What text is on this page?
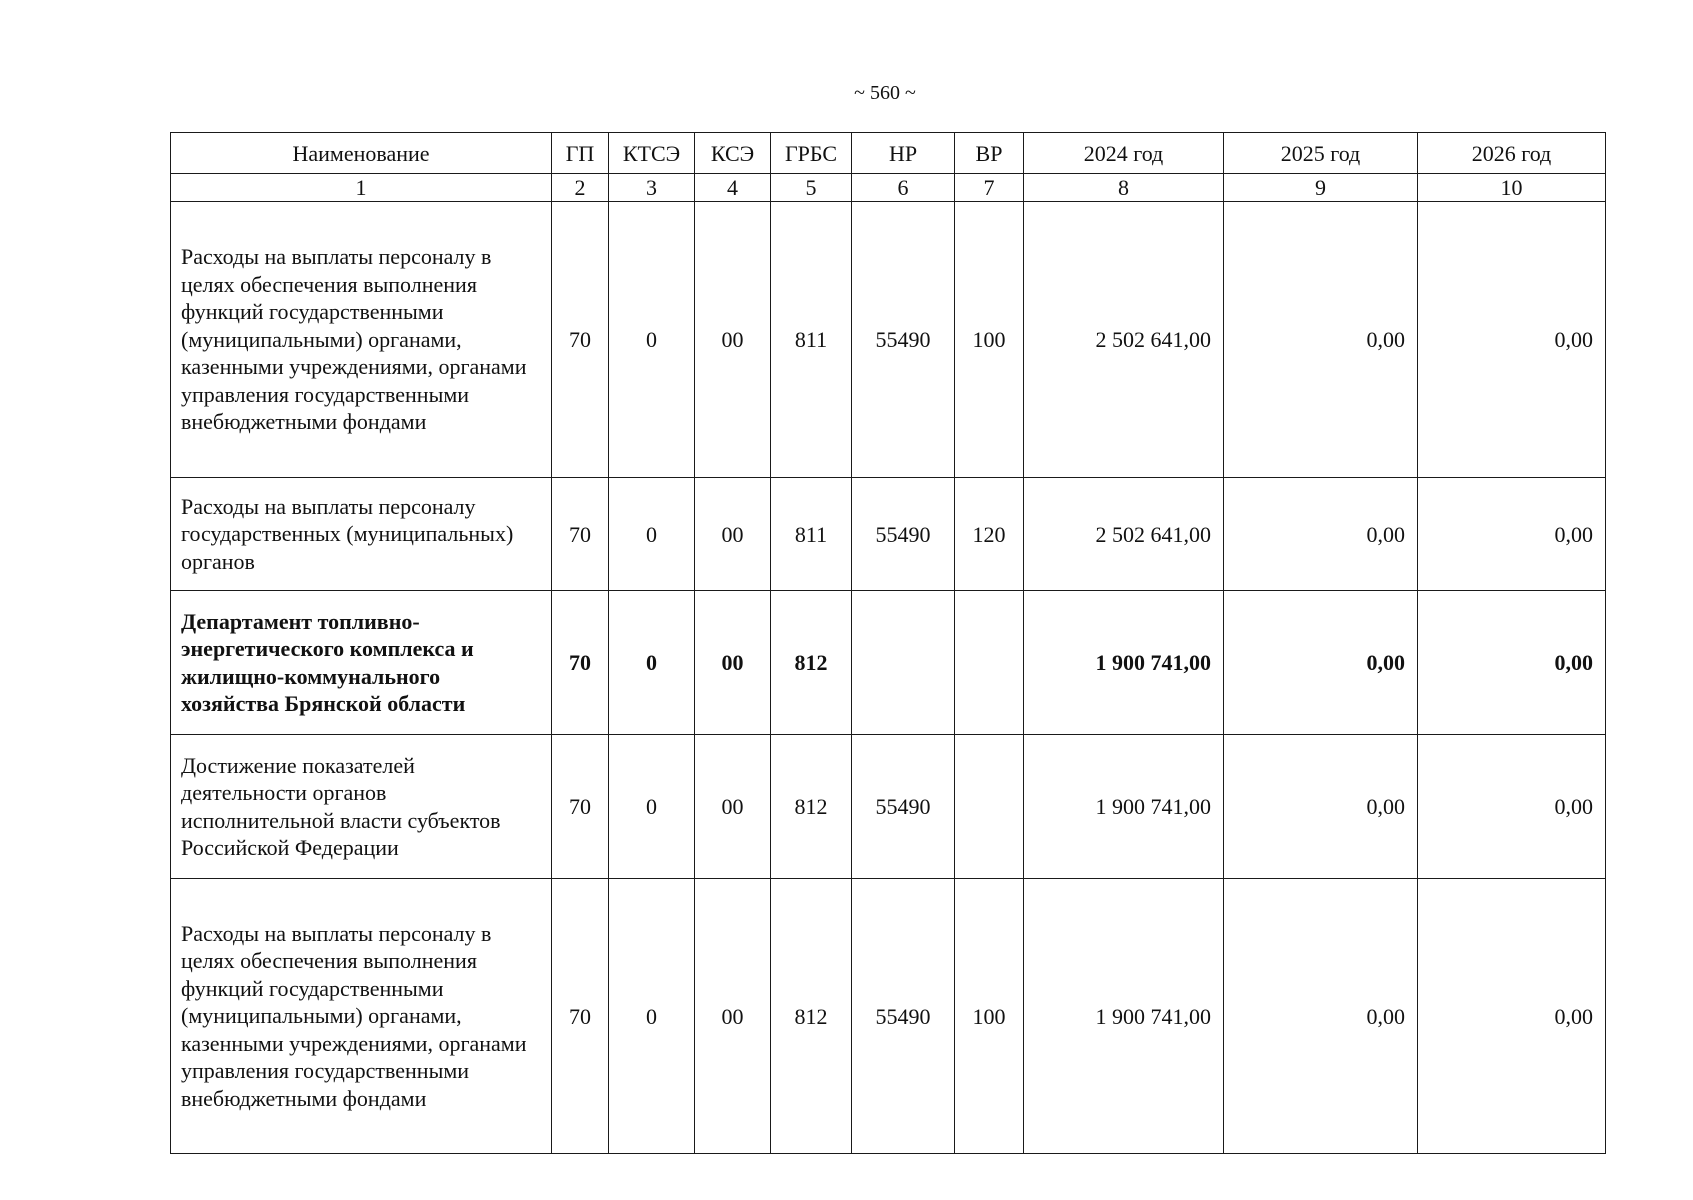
~ 560 ~
Наименование	ГП	КТСЭ	КСЭ	ГРБС	НР	ВР	2024 год	2025 год	2026 год
1	2	3	4	5	6	7	8	9	10
Расходы на выплаты персоналу в целях обеспечения выполнения функций государственными (муниципальными) органами, казенными учреждениями, органами управления государственными внебюджетными фондами	70	0	00	811	55490	100	2 502 641,00	0,00	0,00
Расходы на выплаты персоналу государственных (муниципальных) органов	70	0	00	811	55490	120	2 502 641,00	0,00	0,00
Департамент топливно-энергетического комплекса и жилищно-коммунального хозяйства Брянской области	70	0	00	812			1 900 741,00	0,00	0,00
Достижение показателей деятельности органов исполнительной власти субъектов Российской Федерации	70	0	00	812	55490		1 900 741,00	0,00	0,00
Расходы на выплаты персоналу в целях обеспечения выполнения функций государственными (муниципальными) органами, казенными учреждениями, органами управления государственными внебюджетными фондами	70	0	00	812	55490	100	1 900 741,00	0,00	0,00
